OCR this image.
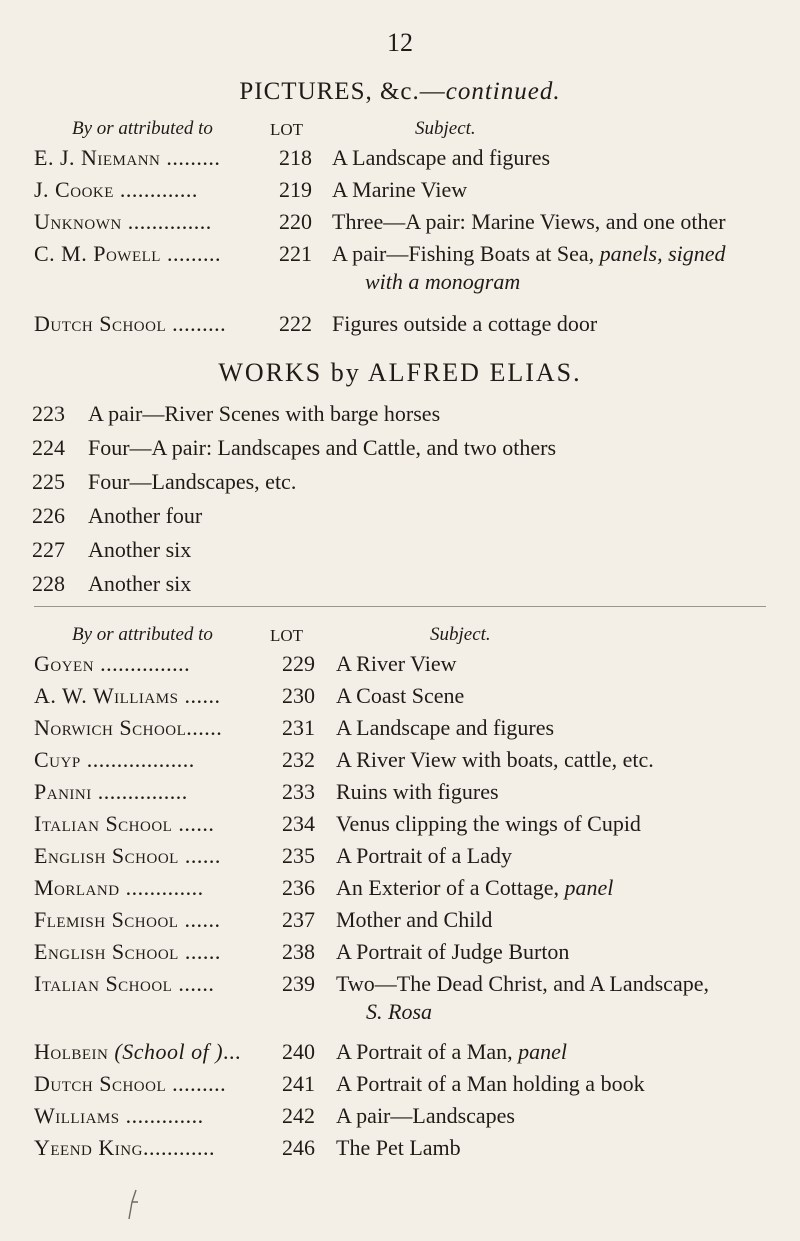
12
PICTURES, &c.—continued.
By or attributed to	LOT	Subject.
E. J. Niemann .........	218 A Landscape and figures
J. Cooke .............	219 A Marine View
Unknown ..............	220 Three—A pair: Marine Views, and one other
C. M. Powell .........	221 A pair—Fishing Boats at Sea, panels, signed
with a monogram
Dutch School .........	222 Figures outside a cottage door
WORKS by ALFRED ELIAS.
223	A pair—River Scenes with barge horses
224	Four—A pair: Landscapes and Cattle, and two others
225	Four—Landscapes, etc.
226	Another four
227	Another six
228	Another six
By or attributed to	LOT	Subject.
Goyen ...............	229 A River View
A. W. Williams ......	230 A Coast Scene
Norwich School......	231 A Landscape and figures
Cuyp ..................	232 A River View with boats, cattle, etc.
Panini ...............	233 Ruins with figures
Italian School ......	234 Venus clipping the wings of Cupid
English School ......	235 A Portrait of a Lady
Morland .............	236 An Exterior of a Cottage, panel
Flemish School ......	237 Mother and Child
English School ......	238 A Portrait of Judge Burton
Italian School ......	239 Two—The Dead Christ, and A Landscape,
S. Rosa
Holbein (School of )...	240 A Portrait of a Man, panel
Dutch School .........	241 A Portrait of a Man holding a book
Williams .............	242 A pair—Landscapes
Yeend King............	246 The Pet Lamb
